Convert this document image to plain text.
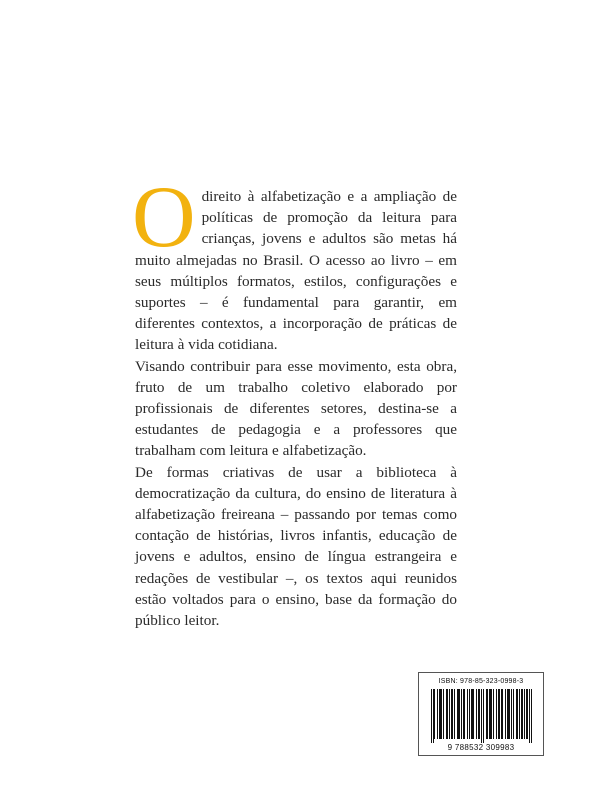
Odireito à alfabetização e a ampliação de políticas de promoção da leitura para crianças, jovens e adultos são metas há muito almejadas no Brasil. O acesso ao livro – em seus múltiplos formatos, estilos, configurações e suportes – é fundamental para garantir, em diferentes contextos, a incorporação de práticas de leitura à vida cotidiana.

Visando contribuir para esse movimento, esta obra, fruto de um trabalho coletivo elaborado por profissionais de diferentes setores, destina-se a estudantes de pedagogia e a professores que trabalham com leitura e alfabetização.

De formas criativas de usar a biblioteca à democratização da cultura, do ensino de literatura à alfabetização freireana – passando por temas como contação de histórias, livros infantis, educação de jovens e adultos, ensino de língua estrangeira e redações de vestibular –, os textos aqui reunidos estão voltados para o ensino, base da formação do público leitor.

ISBN: 978-85-323-0998-3
9 788532 309983
